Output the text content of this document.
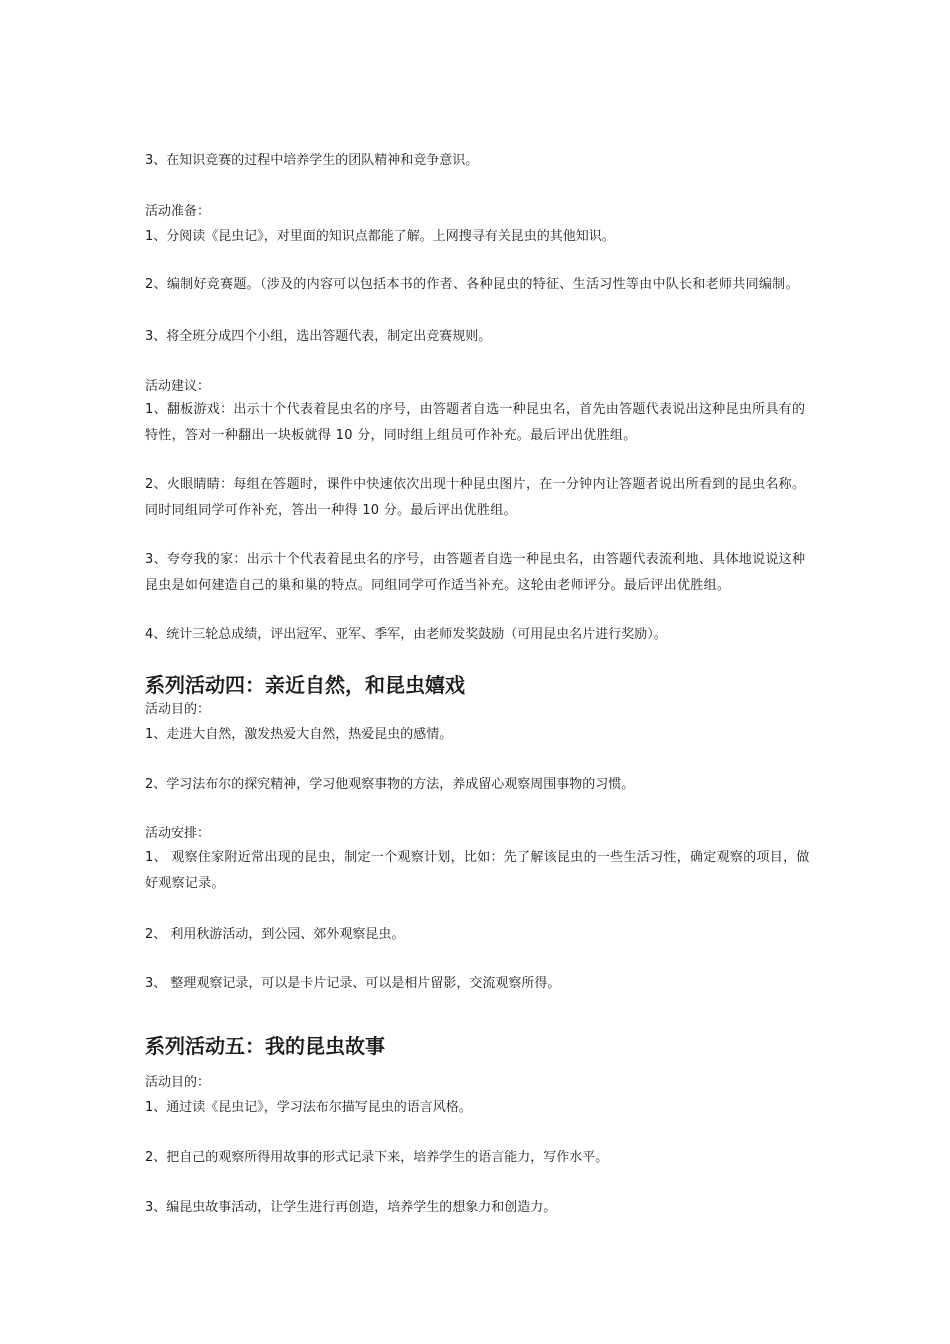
3、在知识竞赛的过程中培养学生的团队精神和竞争意识。
活动准备：
1、分阅读《昆虫记》，对里面的知识点都能了解。上网搜寻有关昆虫的其他知识。
2、编制好竞赛题。（涉及的内容可以包括本书的作者、各种昆虫的特征、生活习性等由中队长和老师共同编制。
3、将全班分成四个小组，选出答题代表，制定出竞赛规则。
活动建议：
1、翻板游戏：出示十个代表着昆虫名的序号，由答题者自选一种昆虫名，首先由答题代表说出这种昆虫所具有的特性，答对一种翻出一块板就得 10 分，同时组上组员可作补充。最后评出优胜组。
2、火眼睛睛：每组在答题时，课件中快速依次出现十种昆虫图片，在一分钟内让答题者说出所看到的昆虫名称。同时同组同学可作补充，答出一种得 10 分。最后评出优胜组。
3、夸夸我的家：出示十个代表着昆虫名的序号，由答题者自选一种昆虫名，由答题代表流利地、具体地说说这种昆虫是如何建造自己的巢和巢的特点。同组同学可作适当补充。这轮由老师评分。最后评出优胜组。
4、统计三轮总成绩，评出冠军、亚军、季军，由老师发奖鼓励（可用昆虫名片进行奖励）。
系列活动四：亲近自然，和昆虫嬉戏
活动目的：
1、走进大自然，激发热爱大自然，热爱昆虫的感情。
2、学习法布尔的探究精神，学习他观察事物的方法，养成留心观察周围事物的习惯。
活动安排：
1、 观察住家附近常出现的昆虫，制定一个观察计划，比如：先了解该昆虫的一些生活习性，确定观察的项目，做好观察记录。
2、 利用秋游活动，到公园、郊外观察昆虫。
3、 整理观察记录，可以是卡片记录、可以是相片留影，交流观察所得。
系列活动五：我的昆虫故事
活动目的：
1、通过读《昆虫记》，学习法布尔描写昆虫的语言风格。
2、把自己的观察所得用故事的形式记录下来，培养学生的语言能力，写作水平。
3、编昆虫故事活动，让学生进行再创造，培养学生的想象力和创造力。
